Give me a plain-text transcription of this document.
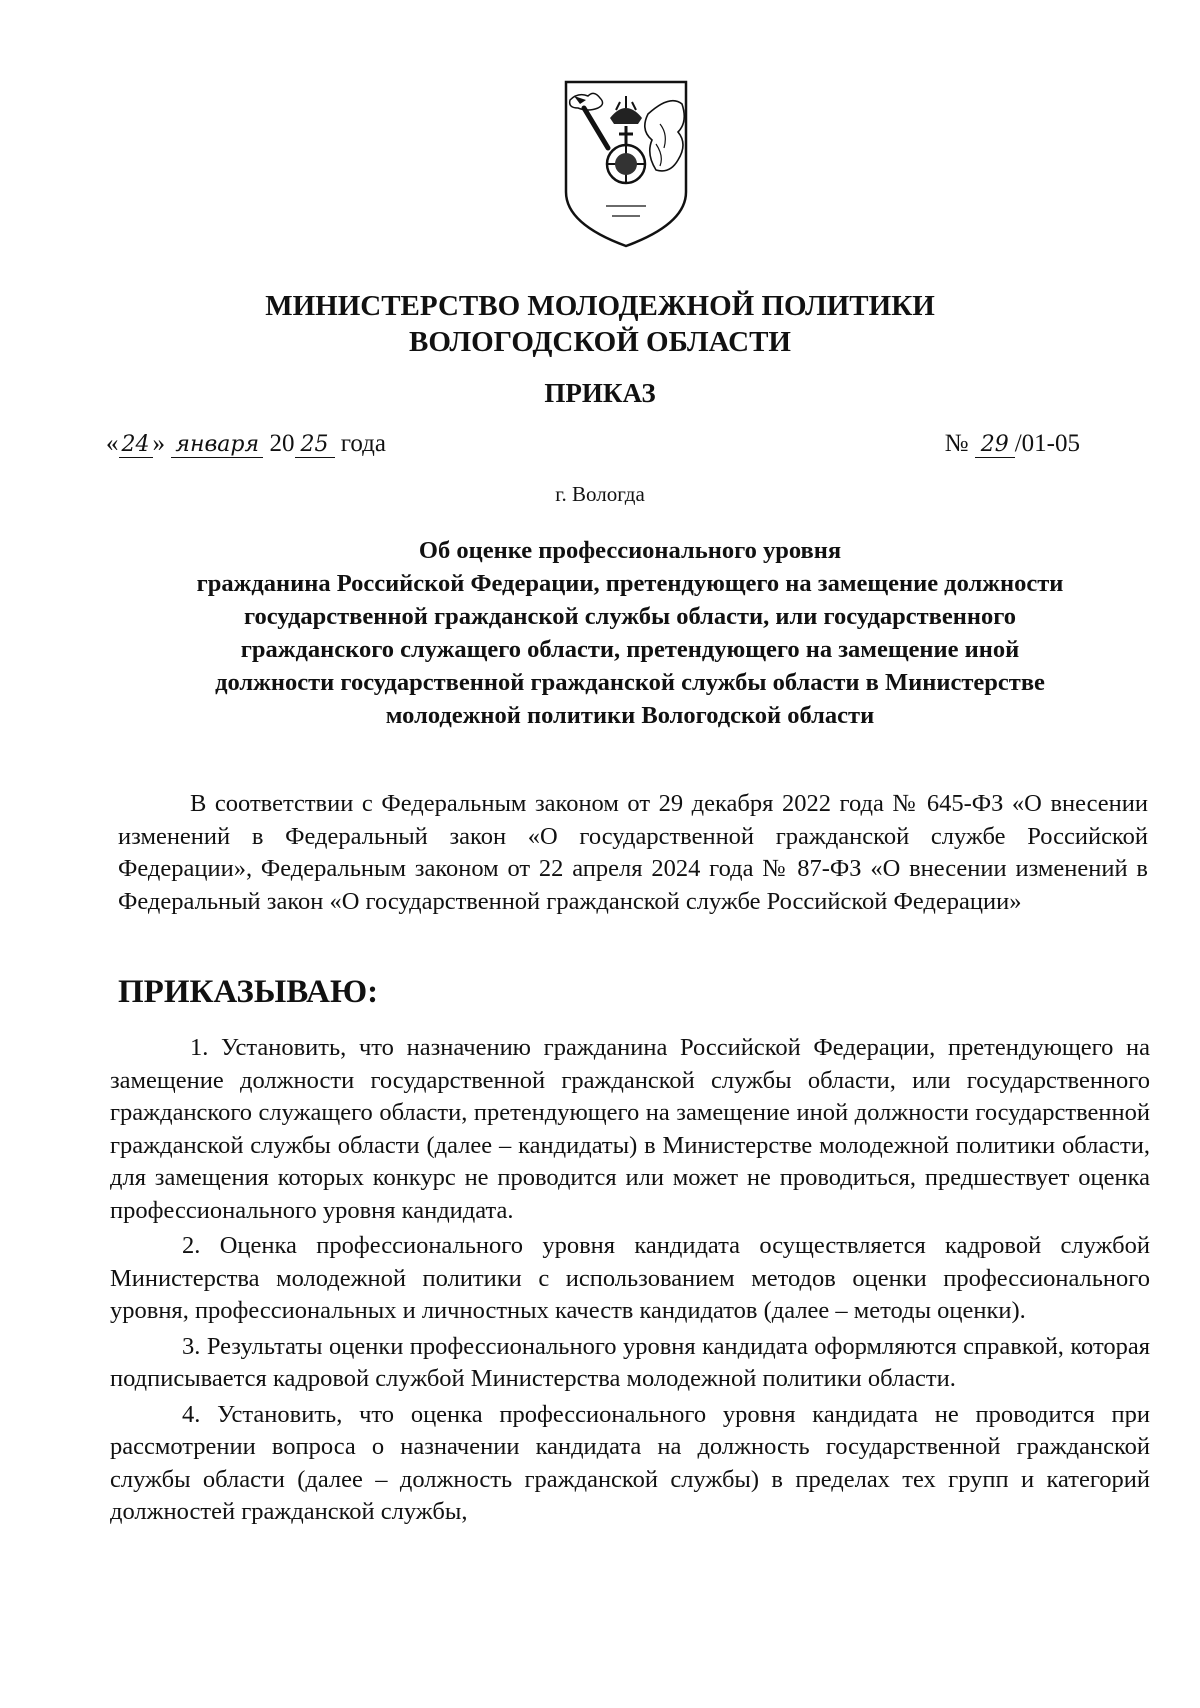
МИНИСТЕРСТВО МОЛОДЕЖНОЙ ПОЛИТИКИ
ВОЛОГОДСКОЙ ОБЛАСТИ
ПРИКАЗ
« 24 » января 20 25 года	№ 29 /01-05
г. Вологда
Об оценке профессионального уровня
гражданина Российской Федерации, претендующего на замещение должности
государственной гражданской службы области, или государственного
гражданского служащего области, претендующего на замещение иной
должности государственной гражданской службы области в Министерстве
молодежной политики Вологодской области
В соответствии с Федеральным законом от 29 декабря 2022 года № 645-ФЗ «О внесении изменений в Федеральный закон «О государственной гражданской службе Российской Федерации», Федеральным законом от 22 апреля 2024 года № 87-ФЗ «О внесении изменений в Федеральный закон «О государственной гражданской службе Российской Федерации»
ПРИКАЗЫВАЮ:

1. Установить, что назначению гражданина Российской Федерации, претендующего на замещение должности государственной гражданской службы области, или государственного гражданского служащего области, претендующего на замещение иной должности государственной гражданской службы области (далее – кандидаты) в Министерстве молодежной политики области, для замещения которых конкурс не проводится или может не проводиться, предшествует оценка профессионального уровня кандидата.

2. Оценка профессионального уровня кандидата осуществляется кадровой службой Министерства молодежной политики с использованием методов оценки профессионального уровня, профессиональных и личностных качеств кандидатов (далее – методы оценки).

3. Результаты оценки профессионального уровня кандидата оформляются справкой, которая подписывается кадровой службой Министерства молодежной политики области.

4. Установить, что оценка профессионального уровня кандидата не проводится при рассмотрении вопроса о назначении кандидата на должность государственной гражданской службы области (далее – должность гражданской службы) в пределах тех групп и категорий должностей гражданской службы,
